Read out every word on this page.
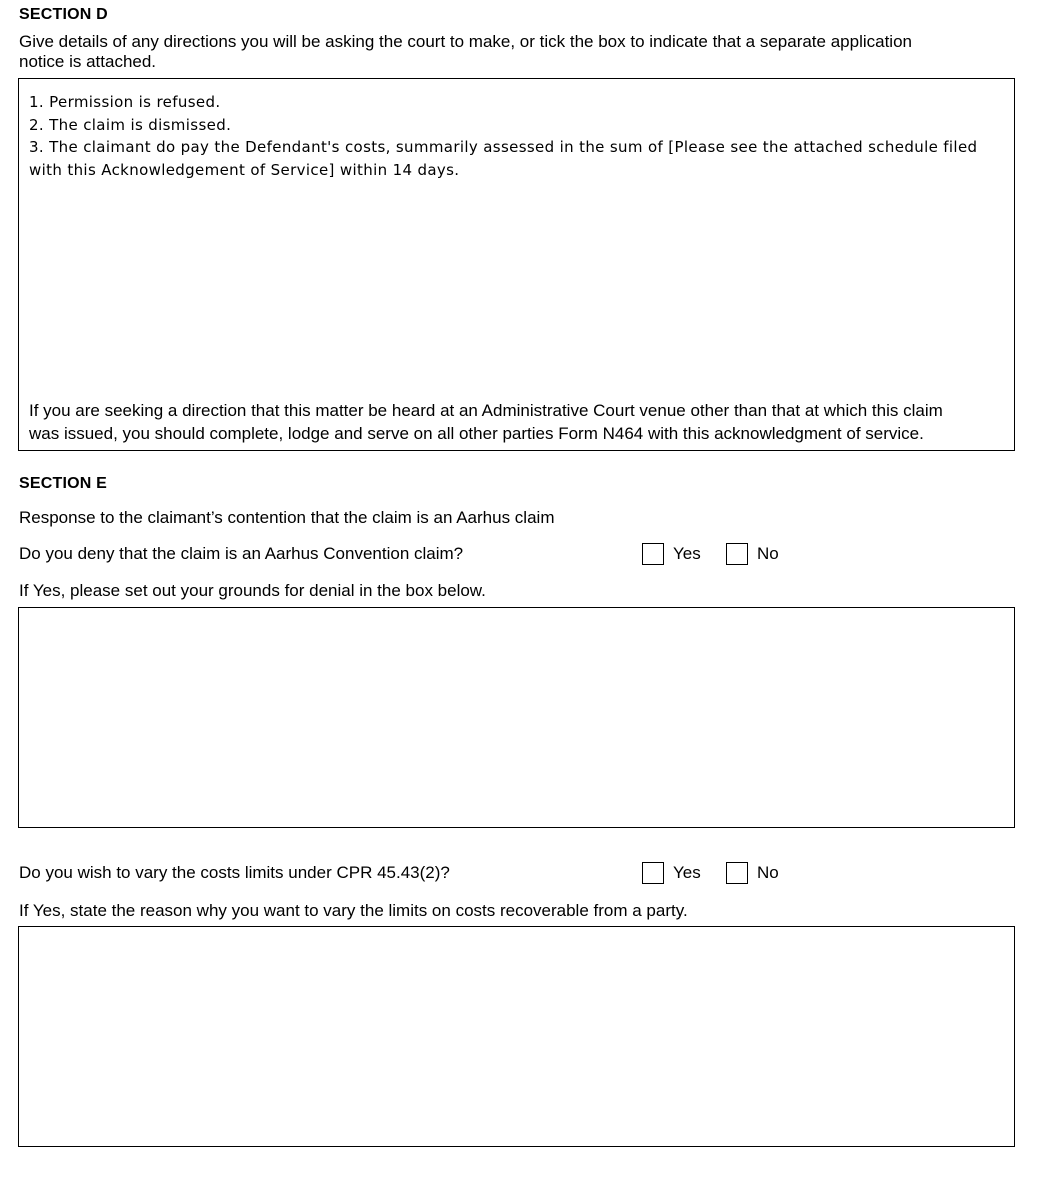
SECTION D
Give details of any directions you will be asking the court to make, or tick the box to indicate that a separate application
notice is attached.
1. Permission is refused.
2. The claim is dismissed.
3. The claimant do pay the Defendant's costs, summarily assessed in the sum of [Please see the attached schedule filed
with this Acknowledgement of Service] within 14 days.
If you are seeking a direction that this matter be heard at an Administrative Court venue other than that at which this claim
was issued, you should complete, lodge and serve on all other parties Form N464 with this acknowledgment of service.
SECTION E
Response to the claimant’s contention that the claim is an Aarhus claim
Do you deny that the claim is an Aarhus Convention claim?	Yes	No
If Yes, please set out your grounds for denial in the box below.
Do you wish to vary the costs limits under CPR 45.43(2)?	Yes	No
If Yes, state the reason why you want to vary the limits on costs recoverable from a party.
